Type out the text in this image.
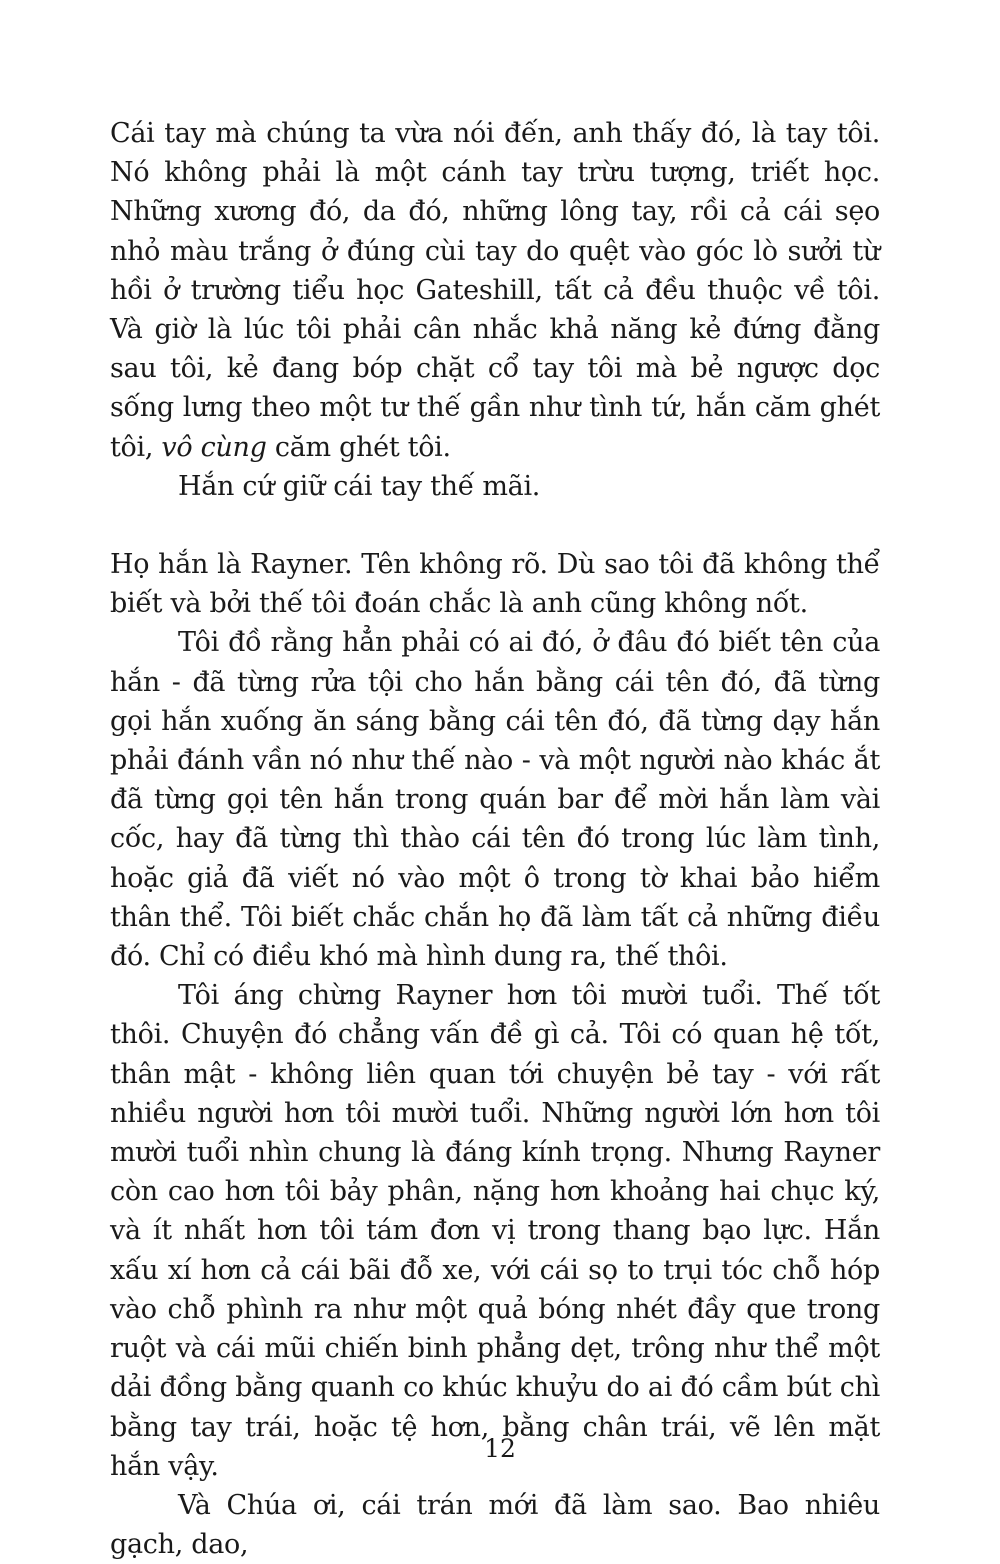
Cái tay mà chúng ta vừa nói đến, anh thấy đó, là tay tôi. Nó không phải là một cánh tay trừu tượng, triết học. Những xương đó, da đó, những lông tay, rồi cả cái sẹo nhỏ màu trắng ở đúng cùi tay do quệt vào góc lò sưởi từ hồi ở trường tiểu học Gateshill, tất cả đều thuộc về tôi. Và giờ là lúc tôi phải cân nhắc khả năng kẻ đứng đằng sau tôi, kẻ đang bóp chặt cổ tay tôi mà bẻ ngược dọc sống lưng theo một tư thế gần như tình tứ, hắn căm ghét tôi, vô cùng căm ghét tôi.

Hắn cứ giữ cái tay thế mãi.

Họ hắn là Rayner. Tên không rõ. Dù sao tôi đã không thể biết và bởi thế tôi đoán chắc là anh cũng không nốt.

Tôi đồ rằng hẳn phải có ai đó, ở đâu đó biết tên của hắn - đã từng rửa tội cho hắn bằng cái tên đó, đã từng gọi hắn xuống ăn sáng bằng cái tên đó, đã từng dạy hắn phải đánh vần nó như thế nào - và một người nào khác ắt đã từng gọi tên hắn trong quán bar để mời hắn làm vài cốc, hay đã từng thì thào cái tên đó trong lúc làm tình, hoặc giả đã viết nó vào một ô trong tờ khai bảo hiểm thân thể. Tôi biết chắc chắn họ đã làm tất cả những điều đó. Chỉ có điều khó mà hình dung ra, thế thôi.

Tôi áng chừng Rayner hơn tôi mười tuổi. Thế tốt thôi. Chuyện đó chẳng vấn đề gì cả. Tôi có quan hệ tốt, thân mật - không liên quan tới chuyện bẻ tay - với rất nhiều người hơn tôi mười tuổi. Những người lớn hơn tôi mười tuổi nhìn chung là đáng kính trọng. Nhưng Rayner còn cao hơn tôi bảy phân, nặng hơn khoảng hai chục ký, và ít nhất hơn tôi tám đơn vị trong thang bạo lực. Hắn xấu xí hơn cả cái bãi đỗ xe, với cái sọ to trụi tóc chỗ hóp vào chỗ phình ra như một quả bóng nhét đầy que trong ruột và cái mũi chiến binh phẳng dẹt, trông như thể một dải đồng bằng quanh co khúc khuỷu do ai đó cầm bút chì bằng tay trái, hoặc tệ hơn, bằng chân trái, vẽ lên mặt hắn vậy.

Và Chúa ơi, cái trán mới đã làm sao. Bao nhiêu gạch, dao,

12
